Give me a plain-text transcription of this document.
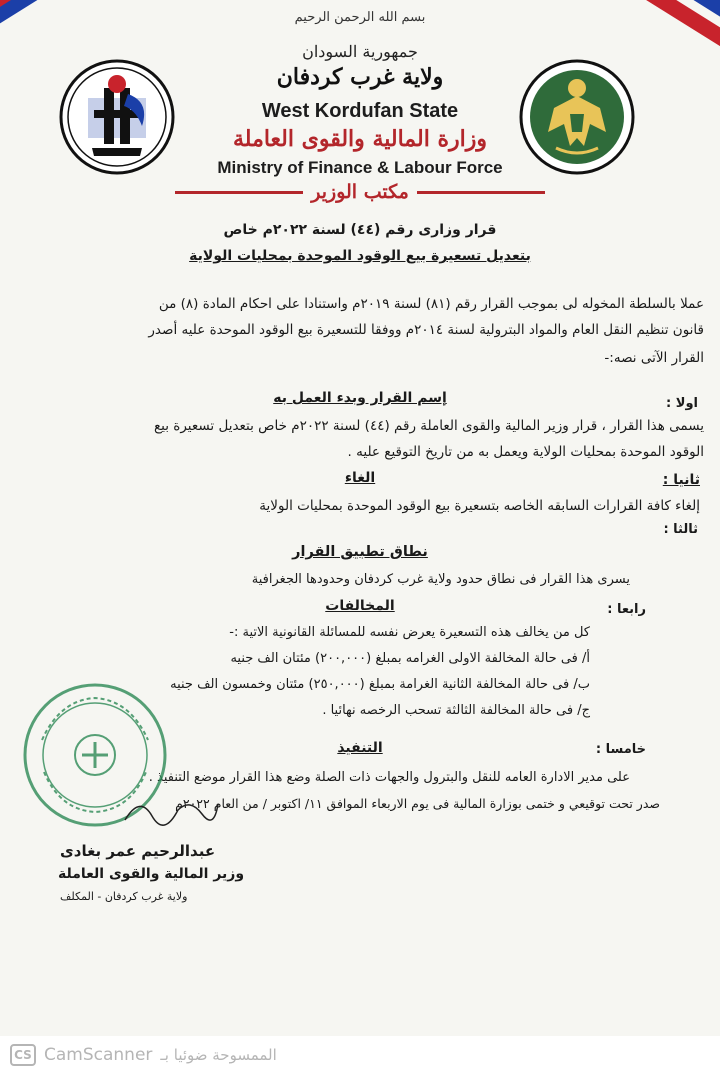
بسم الله الرحمن الرحيم
جمهورية السودان
ولاية غرب كردفان
West Kordufan State
وزارة المالية والقوى العاملة
Ministry of Finance & Labour Force
مكتب الوزير
قرار وزارى رقم (٤٤) لسنة ٢٠٢٢م خاص
بتعديل تسعيرة بيع الوقود الموحدة بمحليات الولاية
عملا بالسلطة المخوله لى بموجب القرار رقم (٨١) لسنة ٢٠١٩م واستنادا على احكام المادة (٨) من
قانون تنظيم النقل العام والمواد البترولية لسنة ٢٠١٤م ووفقا للتسعيرة بيع الوقود الموحدة عليه أصدر
القرار الآتى نصه:-
اولا :
إسم القرار وبدء العمل به
يسمى هذا القرار ، قرار وزير المالية والقوى العاملة رقم (٤٤) لسنة ٢٠٢٢م خاص بتعديل تسعيرة بيع
الوقود الموحدة بمحليات الولاية ويعمل به من تاريخ التوقيع عليه .
ثانيا :
الغاء
إلغاء كافة القرارات السابقه الخاصه بتسعيرة بيع الوقود الموحدة بمحليات الولاية
ثالثا :
نطاق تطبيق القرار
يسرى هذا القرار فى نطاق حدود ولاية غرب كردفان وحدودها الجغرافية
رابعا :
المخالفات
كل من يخالف هذه التسعيرة يعرض نفسه للمسائلة القانونية الاتية :-
أ/ فى حالة المخالفة الاولى الغرامه بمبلغ (٢٠٠,٠٠٠) مئتان الف جنيه
ب/ فى حالة المخالفة الثانية الغرامة بمبلغ (٢٥٠,٠٠٠) مئتان وخمسون الف جنيه
ج/ فى حالة المخالفة الثالثة تسحب الرخصه نهائيا .
خامسا :
التنفيذ
على مدير الادارة العامه للنقل والبترول والجهات ذات الصلة وضع هذا القرار موضع التنفيذ .
صدر تحت توقيعي و ختمى بوزارة المالية فى يوم الاربعاء الموافق ١١/ اكتوبر / من العام ٢٠٢٢م
عبدالرحيم عمر بغادى
وزير المالية والقوى العاملة
ولاية غرب كردفان - المكلف
CS CamScanner الممسوحة ضوئيا بـ
